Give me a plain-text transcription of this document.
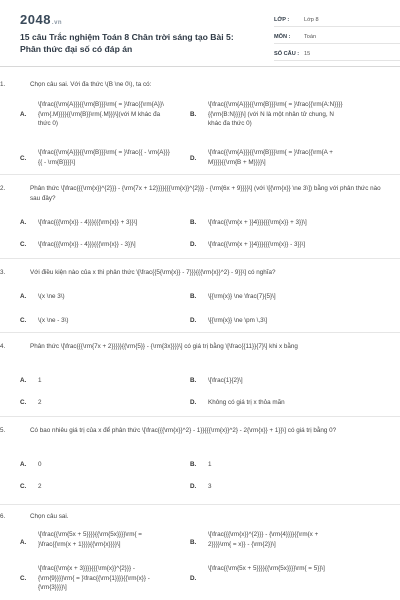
2048.vn
15 câu Trắc nghiệm Toán 8 Chân trời sáng tạo Bài 5: Phân thức đại số có đáp án
LỚP :	Lớp 8
MÔN :	Toán
SỐ CÂU : 15
1.	Chọn câu sai. Với đa thức \(B \ne 0\), ta có:
A.
\[\frac{{\rm{A}}}{{\rm{B}}}\rm{ = }\frac{{\rm{A}}\{\rm{.M}}}}{{\rm{B}}\rm{.M}}}\](với M khác đa thức 0)
B.
\[\frac{{\rm{A}}}{{\rm{B}}}\rm{ = }\frac{{\rm{A:N}}}}{{\rm{B:N}}}}\] (với N là một nhân tử chung, N khác đa thức 0)
C.
\[\frac{{\rm{A}}}{{\rm{B}}}\rm{ = }\frac{{ - \rm{A}}}{{ - \rm{B}}}}\]	D.
\[\frac{{\rm{A}}}{{\rm{B}}}\rm{ = }\frac{{\rm{A + M}}}}{{\rm{B + M}}}}\]
2.	Phân thức \[\frac{{{\rm{x}}^{2}}} - {\rm{7x + 12}}}}{{{\rm{x}}^{2}}} - {\rm{6x + 9}}}}\] (với \[{\rm{x}} \ne 3\]) bằng với phân thức nào sau đây?
A.	\[\frac{{{\rm{x}} - 4}}}{{{\rm{x}} + 3}}\]	B.	\[\frac{{\rm{x + }}4}}}{{{\rm{x}} + 3}}\]
C.	\[\frac{{{\rm{x}} - 4}}}{{{\rm{x}} - 3}}\]	D.	\[\frac{{\rm{x + }}4}}}{{{\rm{x}} - 3}}\]
3.	Với điều kiện nào của x thì phân thức \[\frac{{5{\rm{x}} - 7}}}{{{\rm{x}}^2} - 9}}\] có nghĩa?
A.	\(x \ne 3\)	B.	\[{\rm{x}} \ne \frac{7}{5}\]
C.	\(x \ne - 3\)	D.	\[{\rm{x}} \ne \pm \,3\]
4.	Phân thức \[\frac{{{\rm{7x + 2}}}}}{{\rm{5}} - {\rm{3x}}}}\] có giá trị bằng \[\frac{{11}}{7}\] khi x bằng
A.	1	B.	\[\frac{1}{2}\]
C.	2	D.	Không có giá trị x thỏa mãn
5.	Có bao nhiêu giá trị của x để phân thức \[\frac{{{\rm{x}}^2} - 1}}{{{\rm{x}}^2} - 2{\rm{x}} + 1}}\] có giá trị bằng 0?
A.	0	B.	1
C.	2	D.	3
6.	Chọn câu sai.
A.
\[\frac{{\rm{5x + 5}}}}{{\rm{5x}}}}\rm{ = }\frac{{\rm{x + 1}}}}{{\rm{x}}}}\]	B.
\[\frac{{{\rm{x}}^{2}}} - {\rm{4}}}}{{\rm{x + 2}}}}\rm{ = x}} - {\rm{2}}\]
C.
\[\frac{{\rm{x + 3}}}}{{{\rm{x}}^{2}}} - {\rm{9}}}}\rm{ = }\frac{{\rm{1}}}}{{\rm{x}} - {\rm{3}}}}\]
D.
\[\frac{{\rm{5x + 5}}}}{{\rm{5x}}}}\rm{ = 5}}\]
